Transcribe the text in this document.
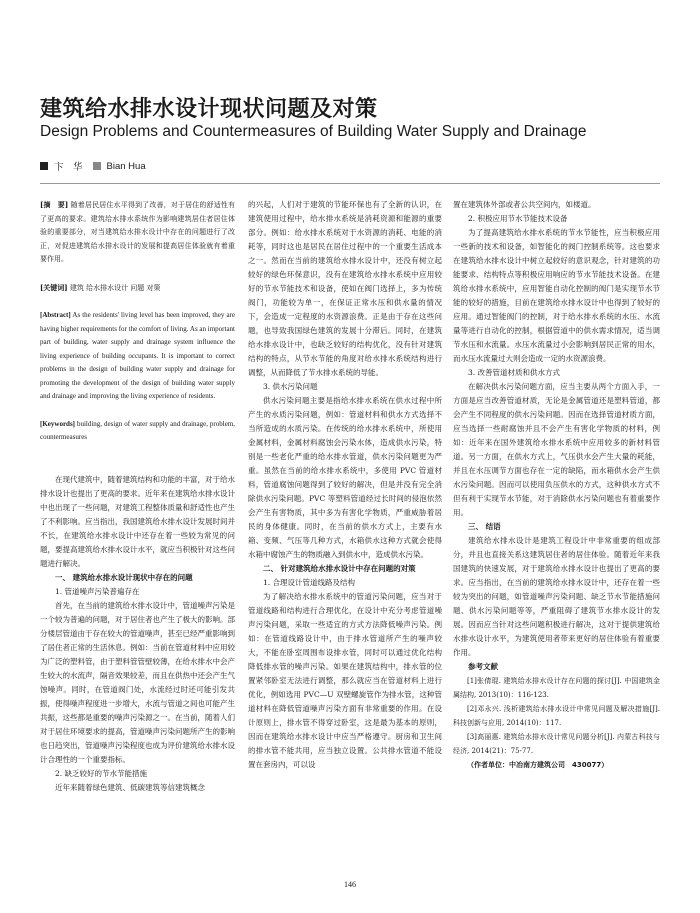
建筑给水排水设计现状问题及对策
Design Problems and Countermeasures of Building Water Supply and Drainage
卞　华	Bian Hua
[摘　要] 随着居民居住水平得到了改善，对于居住的舒适性有了更高的要求。建筑给水排水系统作为影响建筑居住者居住体验的重要部分，对当建筑给水排水设计中存在的问题进行了改正，对促进建筑给水排水设计的发展和提高居住体验就有着重要作用。
[关键词] 建筑 给水排水设计 问题 对策
[Abstract] As the residents' living level has been improved, they are having higher requirements for the comfort of living. As an important part of building, water supply and drainage system influence the living experience of building occupants. It is important to correct problems in the design of building water supply and drainage for promoting the development of the design of building water supply and drainage and improving the living experience of residents.
[Keywords] building, design of water supply and drainage, problem, countermeasures

在现代建筑中，随着建筑结构和功能的丰富，对于给水排水设计也提出了更高的要求。近年来在建筑给水排水设计中也出现了一些问题，对建筑工程整体质量和舒适性也产生了不利影响。应当指出，我国建筑给水排水设计发展时间并不长，在建筑给水排水设计中还存在着一些较为常见的问题，要提高建筑给水排水设计水平，就应当积极针对这些问题进行解决。

一、 建筑给水排水设计现状中存在的问题

1. 管道噪声污染普遍存在

首先，在当前的建筑给水排水设计中，管道噪声污染是一个较为普遍的问题，对于居住者也产生了极大的影响。部分楼层管道由于存在较大的管道噪声，甚至已经严重影响到了居住者正常的生活休息。例如：当前在管道材料中应用较为广泛的塑料管，由于塑料管管壁较薄，在给水排水中会产生较大的水流声，隔音效果较差，而且在供热中还会产生气蚀噪声。同时，在管道阀门处，水流经过时还可能引发共振，使得噪声程度进一步增大，水流与管道之间也可能产生共振，这些都是重要的噪声污染源之一。在当前，随着人们对于居住环境要求的提高，管道噪声污染问题所产生的影响也日趋突出，管道噪声污染程度也成为评价建筑给水排水设计合理性的一个重要指标。

2. 缺乏较好的节水节能措施

近年来随着绿色建筑、低碳建筑等信建筑概念

的兴起，人们对于建筑的节能环保也有了全新的认识，在建筑使用过程中，给水排水系统是消耗资源和能源的重要部分。例如：给水排水系统对于水资源的消耗、电能的消耗等，同时这也是居民在居住过程中的一个重要生活成本之一。然而在当前的建筑给水排水设计中，还没有树立起较好的绿色环保意识，没有在建筑给水排水系统中应用较好的节水节能技术和设备，使如在阀门选择上，多为传统阀门，功能较为单一，在保证正常水压和供水量的情况下，会造成一定程度的水资源浪费。正是由于存在这些问题，也导致我国绿色建筑的发展十分滞后。同时，在建筑给水排水设计中，也缺乏较好的结构优化，没有针对建筑结构的特点，从节水节能的角度对给水排水系统结构进行调整，从而降低了节水排水系统的导能。

3. 供水污染问题

供水污染问题主要是指给水排水系统在供水过程中所产生的水质污染问题，例如：管道材料和供水方式选择不当所造成的水质污染。在传统的给水排水系统中，所使用金属材料，金属材料腐蚀会污染水体，造成供水污染，特别是一些老化严重的给水排水管道，供水污染问题更为严重。虽然在当前的给水排水系统中，多使用 PVC 管道材料，管道腐蚀问题得到了较好的解决，但是并没有完全消除供水污染问题。PVC 等塑料管道经过长时间的侵泡依然会产生有害物质，其中多为有害化学物质，严重威胁着居民的身体健康。同时，在当前的供水方式上，主要有水箱、变频、气压等几种方式，水箱供水这种方式就会使得水箱中腐蚀产生的物质融入到供水中，造成供水污染。

二、 针对建筑给水排水设计中存在问题的对策

1. 合理设计管道线路及结构

为了解决给水排水系统中的管道污染问题，应当对于管道线路和结构进行合理优化，在设计中充分考虑管道噪声污染问题，采取一些适宜的方式方法降低噪声污染。例如：在管道线路设计中，由于排水管道所产生的噪声较大，不能在卧室周围布设排水管，同时可以通过优化结构降低排水管的噪声污染。如果在建筑结构中，排水管的位置紧邻卧室无法进行调整，那么就应当在管道材料上进行优化，例如选用 PVC—U 双壁螺旋管作为排水管，这种管道材料在降低管道噪声污染方面有非常重要的作用。在设计原则上，排水管不得穿过卧室，这是最为基本的原则，因而在建筑给水排水设计中应当严格遵守。厨房和卫生间的排水管不能共用，应当独立设置。公共排水管道不能设置在套房内，可以设

置在建筑体外部或者公共空间内，如楼道。

2. 积极应用节水节能技术设备

为了提高建筑给水排水系统的节水节能性，应当积极应用一些新的技术和设备，如智能化的阀门控制系统等。这也要求在建筑给水排水设计中树立起较好的意识观念，针对建筑的功能要求、结构特点等积极应用响应的节水节能技术设备。在建筑给水排水系统中，应用智能自动化控制的阀门是实现节水节能的较好的措施，目前在建筑给水排水设计中也得到了较好的应用。通过智能阀门的控制，对于给水排水系统的水压、水流量等进行自动化的控制，根据管道中的供水需求情况，适当调节水压和水流量。水压水流量过小会影响到居民正常的用水，而水压水流量过大则会造成一定的水资源浪费。

3. 改善管道材质和供水方式

在解决供水污染问题方面，应当主要从两个方面入手，一方面是应当改善管道材质，无论是金属管道还是塑料管道，都会产生不同程度的供水污染问题。因而在选择管道材质方面，应当选择一些耐腐蚀并且不会产生有害化学物质的材料，例如：近年来在国外建筑给水排水系统中应用较多的新材料管道。另一方面，在供水方式上，气压供水会产生大量的耗能，并且在水压调节方面也存在一定的缺陷，而水箱供水会产生供水污染问题。因而可以使用负压供水的方式，这种供水方式不但有利于实现节水节能，对于消除供水污染问题也有着重要作用。

三、 结语

建筑给水排水设计是建筑工程设计中非常重要的组成部分，并且也直接关系这建筑居住者的居住体验。随着近年来我国建筑的快速发展，对于建筑给水排水设计也提出了更高的要求。应当指出，在当前的建筑给水排水设计中，还存在着一些较为突出的问题，如管道噪声污染问题、缺乏节水节能措施问题、供水污染问题等等，严重阻碍了建筑节水排水设计的发展。因而应当针对这些问题积极进行解决，这对于提供建筑给水排水设计水平，为建筑使用者带来更好的居住体验有着重要作用。

参考文献

[1]张倩琨. 建筑给水排水设计存在问题的探讨[J]. 中国建筑金属结构, 2013(10)：116-123.

[2]邓永兴. 浅析建筑给水排水设计中常见问题及解决措施[J]. 科技创新与应用, 2014(10)：117.

[3]高丽惠. 建筑给水排水设计常见问题分析[J]. 内蒙古科技与经济, 2014(21)：75-77.

（作者单位：中冶南方建筑公司　430077）

146
